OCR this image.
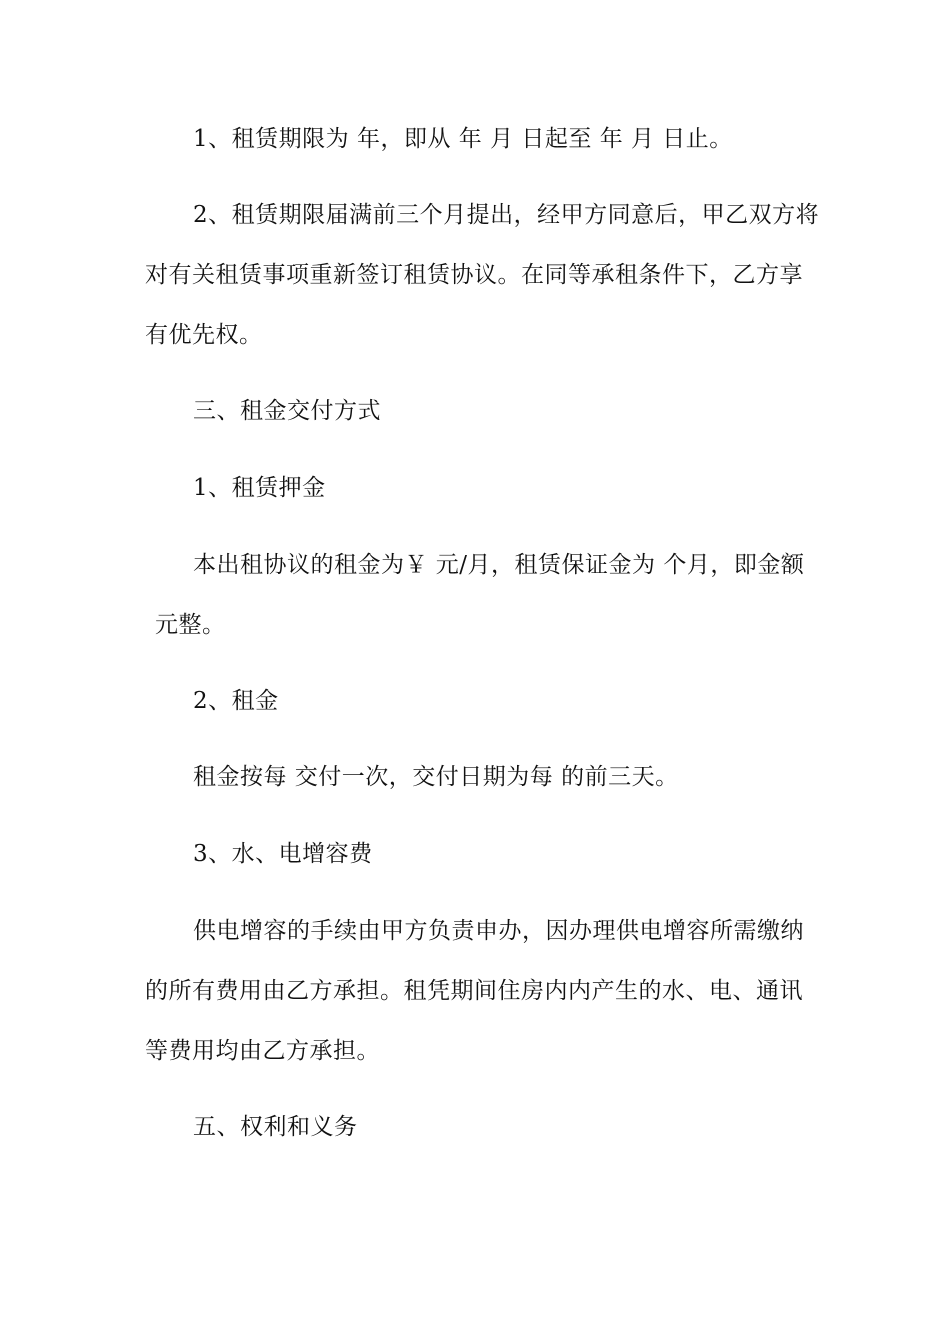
1、租赁期限为 年，即从 年 月 日起至 年 月 日止。
2、租赁期限届满前三个月提出，经甲方同意后，甲乙双方将
对有关租赁事项重新签订租赁协议。在同等承租条件下，乙方享
有优先权。
三、租金交付方式
1、租赁押金
本出租协议的租金为￥ 元/月，租赁保证金为 个月，即金额
元整。
2、租金
租金按每 交付一次，交付日期为每 的前三天。
3、水、电增容费
供电增容的手续由甲方负责申办，因办理供电增容所需缴纳
的所有费用由乙方承担。租凭期间住房内内产生的水、电、通讯
等费用均由乙方承担。
五、权利和义务
